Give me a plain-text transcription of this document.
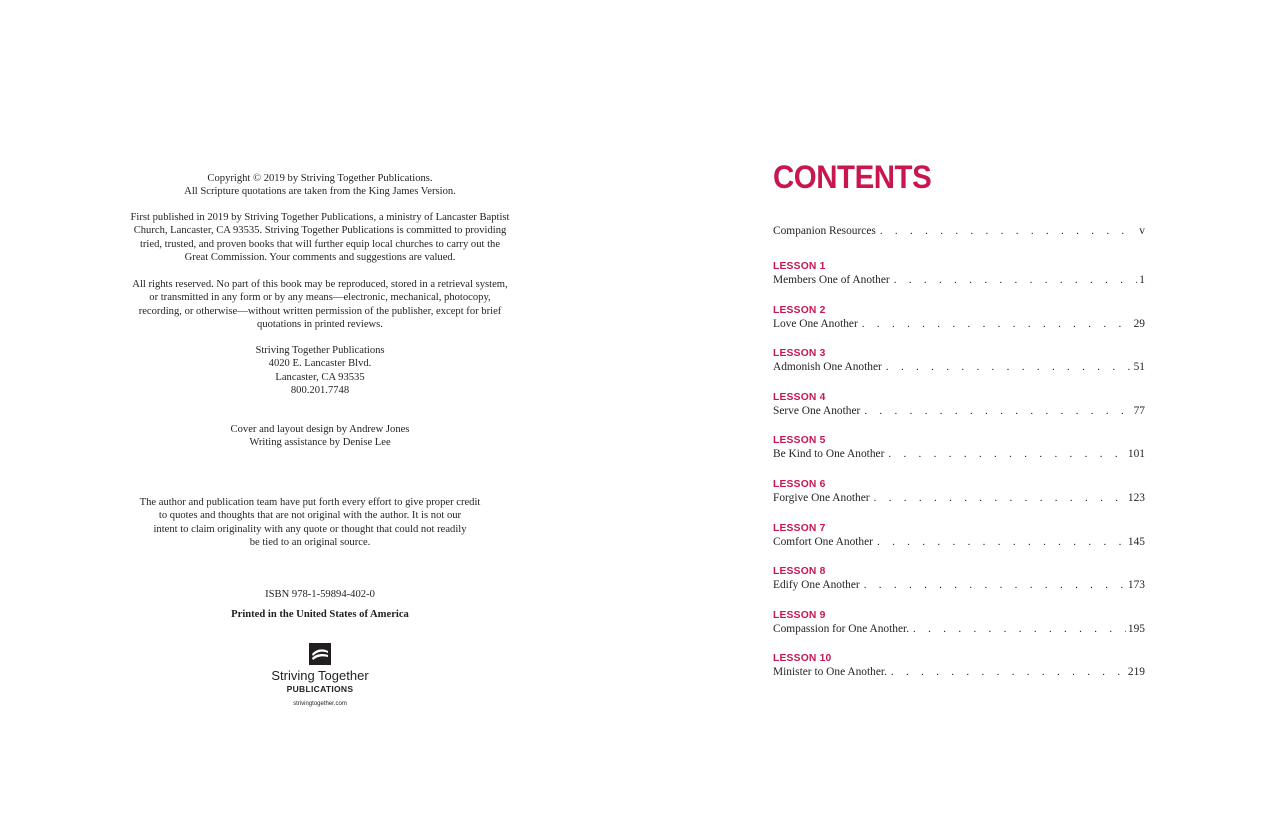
Copyright © 2019 by Striving Together Publications.
All Scripture quotations are taken from the King James Version.

First published in 2019 by Striving Together Publications, a ministry of Lancaster Baptist
Church, Lancaster, CA 93535. Striving Together Publications is committed to providing
tried, trusted, and proven books that will further equip local churches to carry out the
Great Commission. Your comments and suggestions are valued.

All rights reserved. No part of this book may be reproduced, stored in a retrieval system,
or transmitted in any form or by any means—electronic, mechanical, photocopy,
recording, or otherwise—without written permission of the publisher, except for brief
quotations in printed reviews.

Striving Together Publications
4020 E. Lancaster Blvd.
Lancaster, CA 93535
800.201.7748

Cover and layout design by Andrew Jones
Writing assistance by Denise Lee

The author and publication team have put forth every effort to give proper credit
to quotes and thoughts that are not original with the author. It is not our
intent to claim originality with any quote or thought that could not readily
be tied to an original source.

ISBN 978-1-59894-402-0

Printed in the United States of America

Striving Together
PUBLICATIONS
strivingtogether.com
CONTENTS
Companion Resources . . .	v
LESSON 1
Members One of Another . . .	1
LESSON 2
Love One Another . . .	29
LESSON 3
Admonish One Another . . .	51
LESSON 4
Serve One Another . . .	77
LESSON 5
Be Kind to One Another . . .	101
LESSON 6
Forgive One Another . . .	123
LESSON 7
Comfort One Another . . .	145
LESSON 8
Edify One Another . . .	173
LESSON 9
Compassion for One Another. . . .	195
LESSON 10
Minister to One Another. . . .	219
